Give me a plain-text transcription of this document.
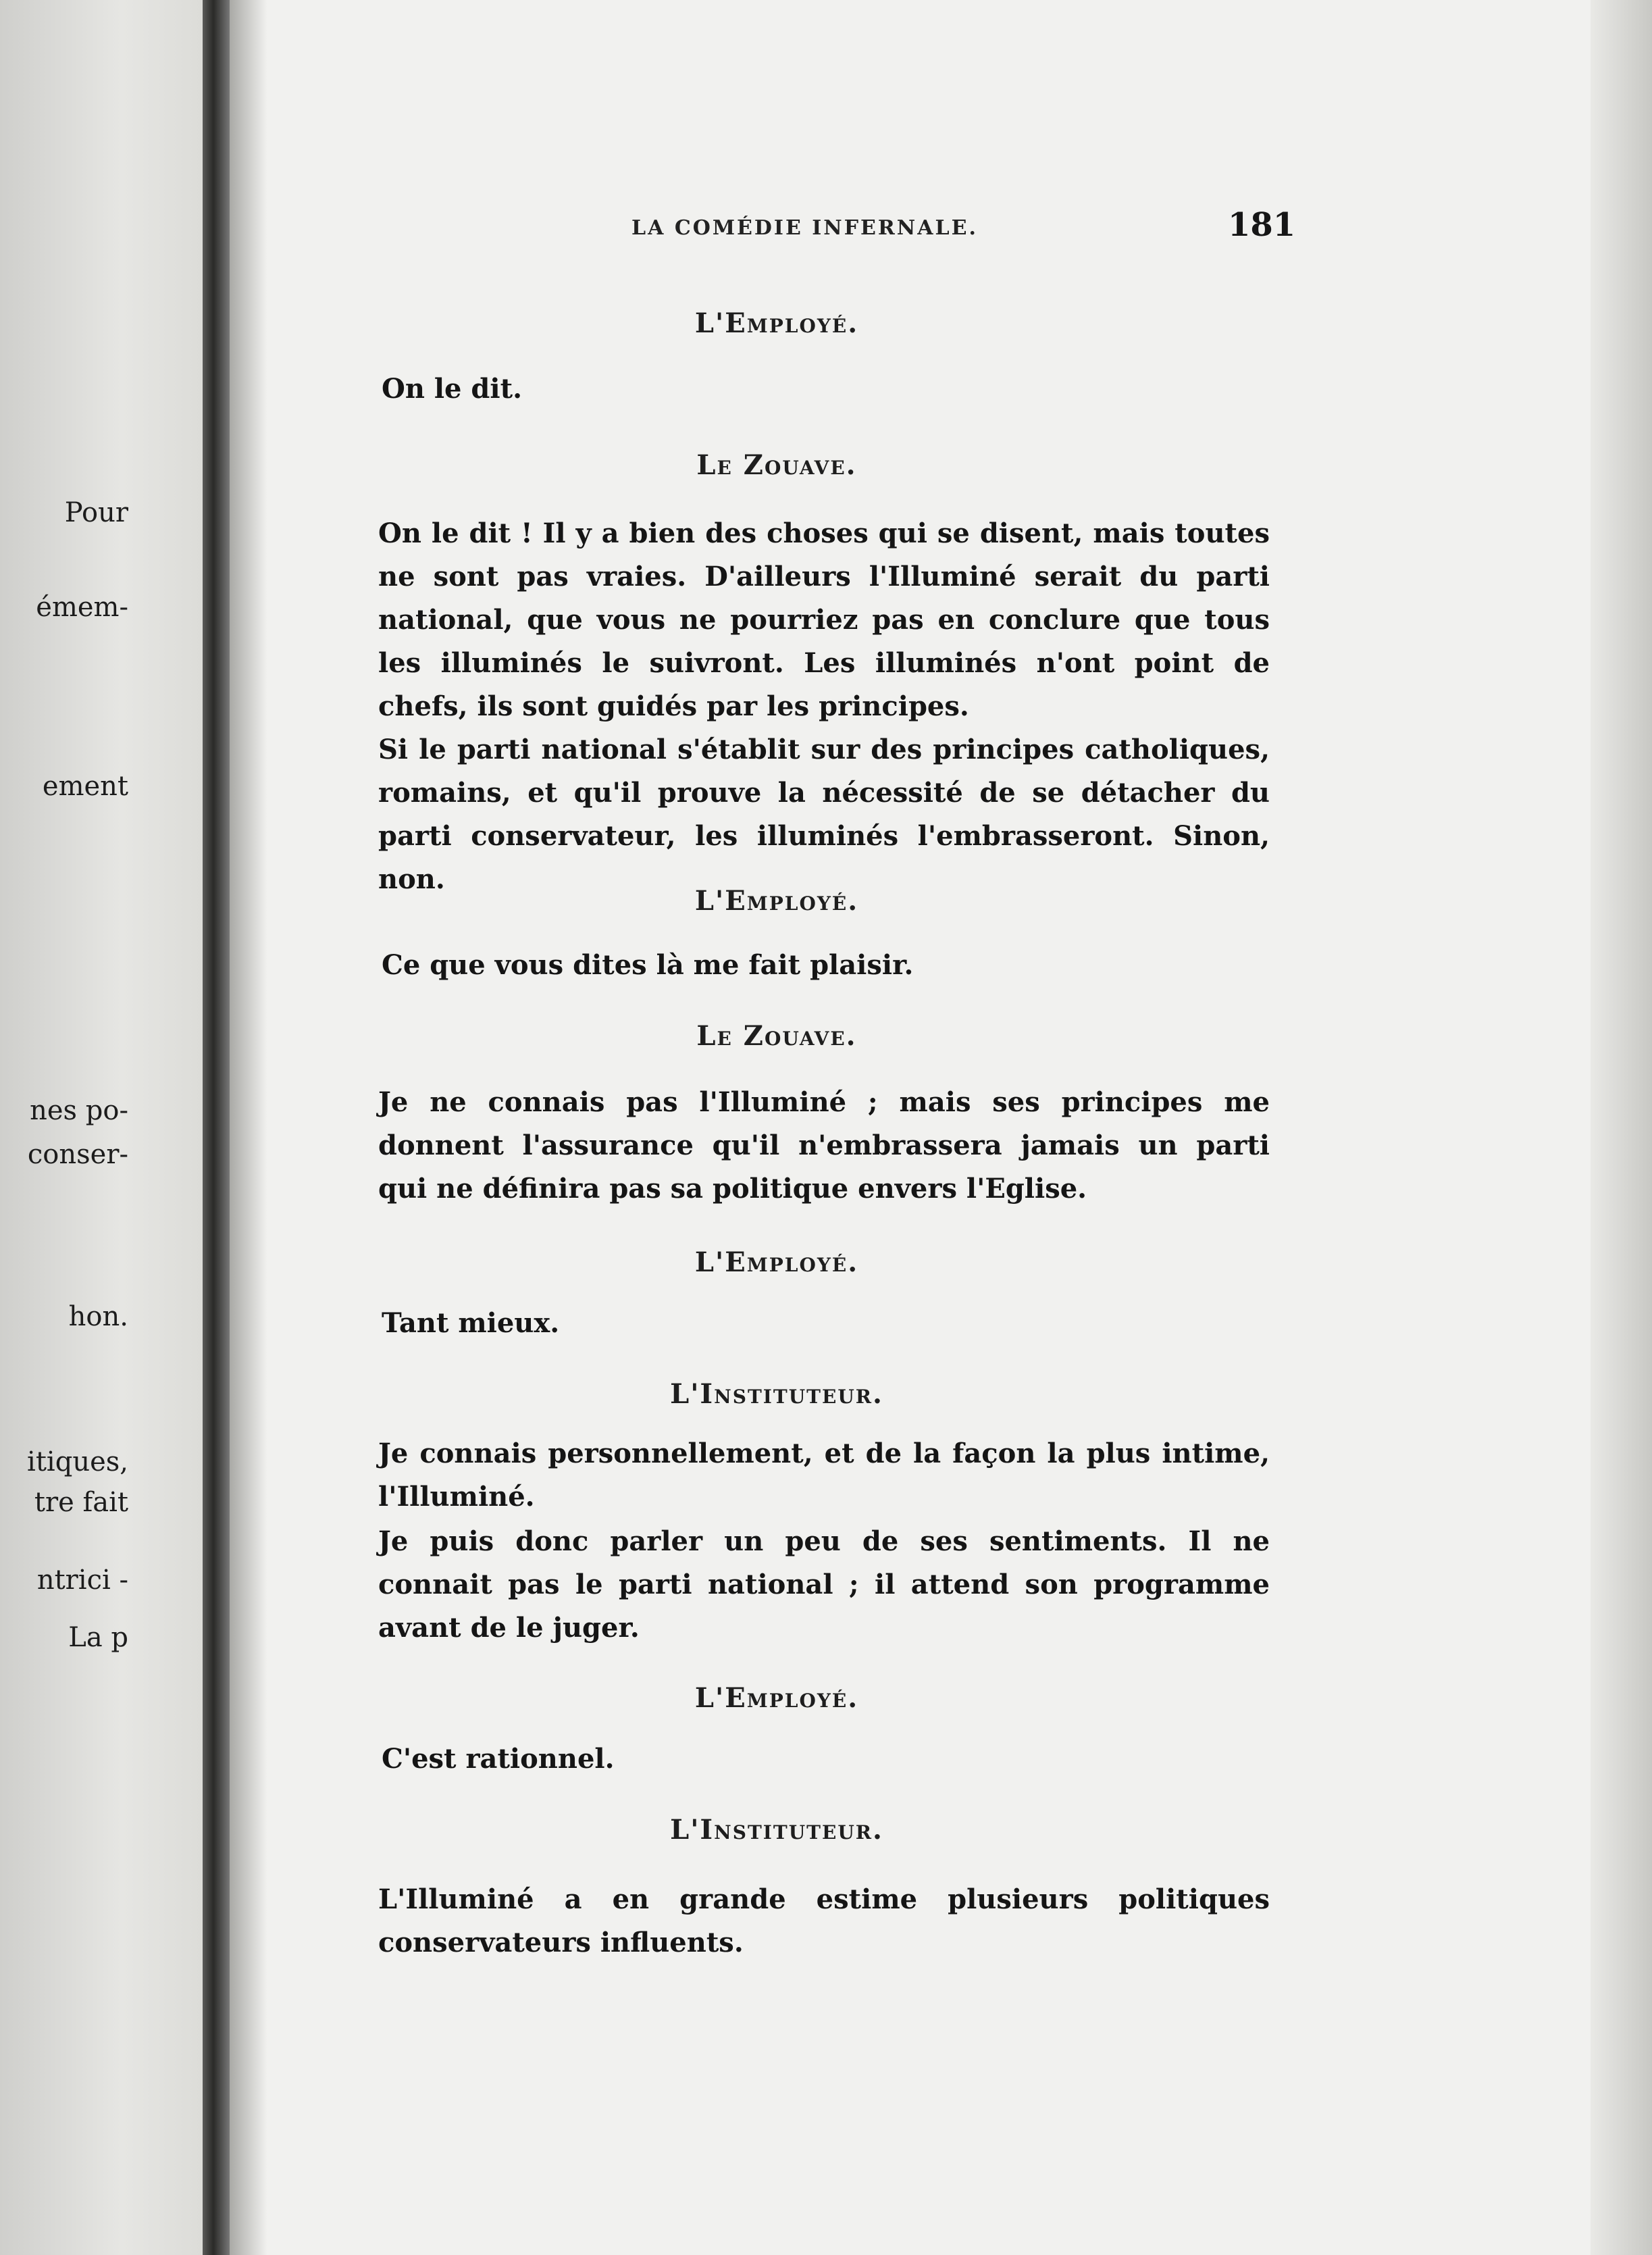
Pour
émem-
ement
nes po-
conser-
hon.
itiques,
tre fait
ntrici -
La p
LA COMÉDIE INFERNALE.	181
L'Employé.
On le dit.
Le Zouave.
On le dit ! Il y a bien des choses qui se disent, mais toutes ne sont pas vraies. D'ailleurs l'Illuminé serait du parti national, que vous ne pourriez pas en conclure que tous les illuminés le suivront. Les illuminés n'ont point de chefs, ils sont guidés par les principes.
Si le parti national s'établit sur des principes catholiques, romains, et qu'il prouve la nécessité de se détacher du parti conservateur, les illuminés l'embrasseront. Sinon, non.
L'Employé.
Ce que vous dites là me fait plaisir.
Le Zouave.
Je ne connais pas l'Illuminé ; mais ses principes me donnent l'assurance qu'il n'embrassera jamais un parti qui ne définira pas sa politique envers l'Eglise.
L'Employé.
Tant mieux.
L'Instituteur.
Je connais personnellement, et de la façon la plus intime, l'Illuminé.
Je puis donc parler un peu de ses sentiments. Il ne connait pas le parti national ; il attend son programme avant de le juger.
L'Employé.
C'est rationnel.
L'Instituteur.
L'Illuminé a en grande estime plusieurs politiques conservateurs influents.
